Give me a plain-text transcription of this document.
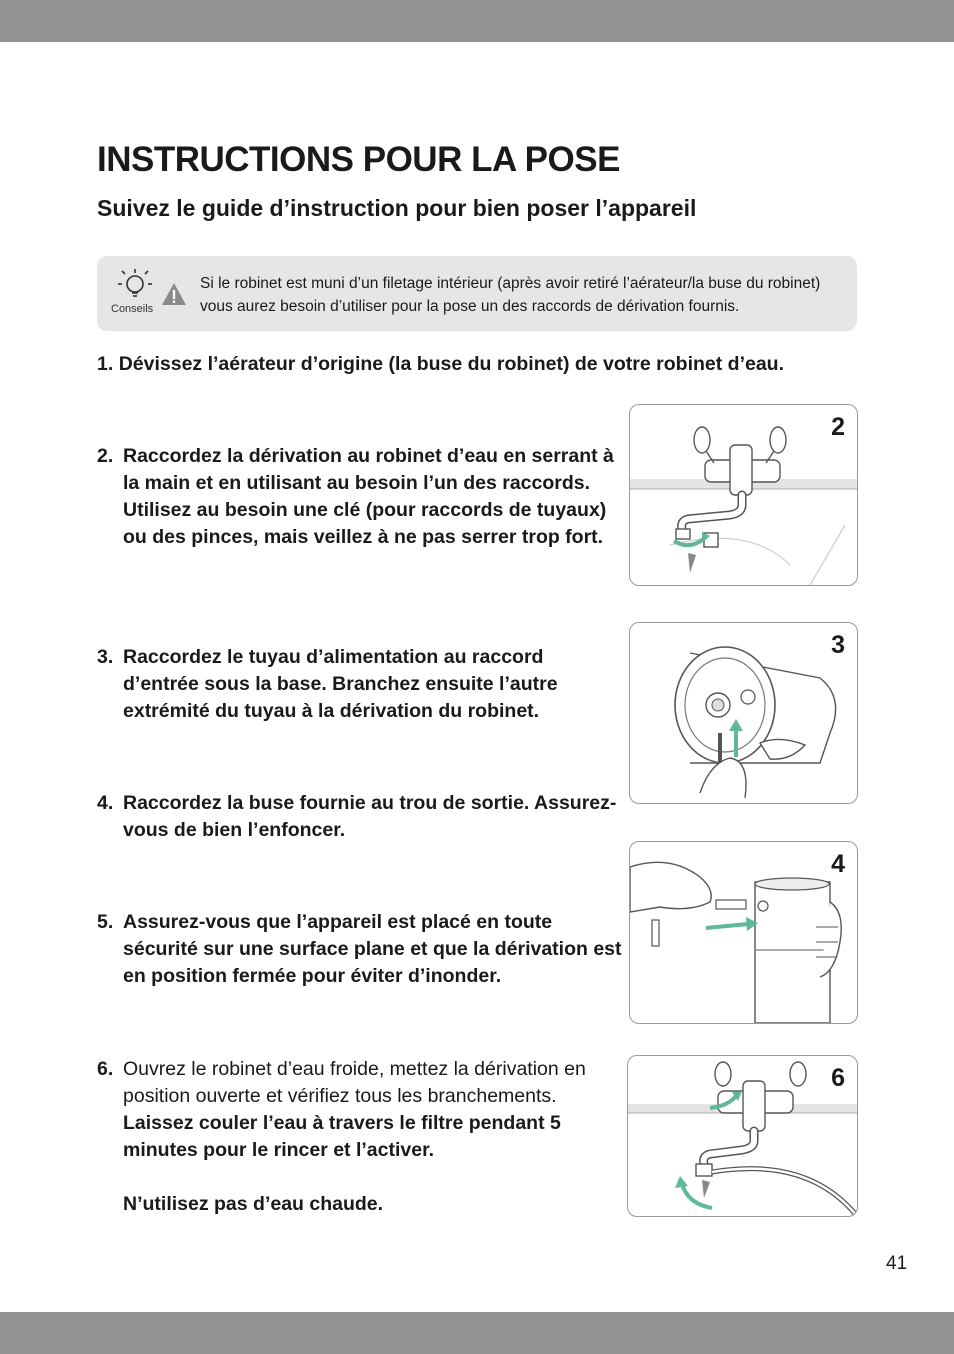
INSTRUCTIONS POUR LA POSE
Suivez le guide d’instruction pour bien poser l’appareil
Conseils
Si le robinet est muni d’un filetage intérieur (après avoir retiré l’aérateur/la buse du robinet) vous aurez besoin d’utiliser pour la pose un des raccords de dérivation fournis.
1. Dévissez l’aérateur d’origine (la buse du robinet) de votre robinet d’eau.
2. Raccordez la dérivation au robinet d’eau en serrant à la main et en utilisant au besoin l’un des raccords. Utilisez au besoin une clé (pour raccords de tuyaux) ou des pinces, mais veillez à ne pas serrer trop fort.
3. Raccordez le tuyau d’alimentation au raccord d’entrée sous la base. Branchez ensuite l’autre extrémité du tuyau à la dérivation du robinet.
4. Raccordez la buse fournie au trou de sortie. Assurez-vous de bien l’enfoncer.
5. Assurez-vous que l’appareil est placé en toute sécurité sur une surface plane et que la dérivation est en position fermée pour éviter d’inonder.
6. Ouvrez le robinet d’eau froide, mettez la dérivation en position ouverte et vérifiez tous les branchements. Laissez couler l’eau à travers le filtre pendant 5 minutes pour le rincer et l’activer.
N’utilisez pas d’eau chaude.
2
3
4
6
41
